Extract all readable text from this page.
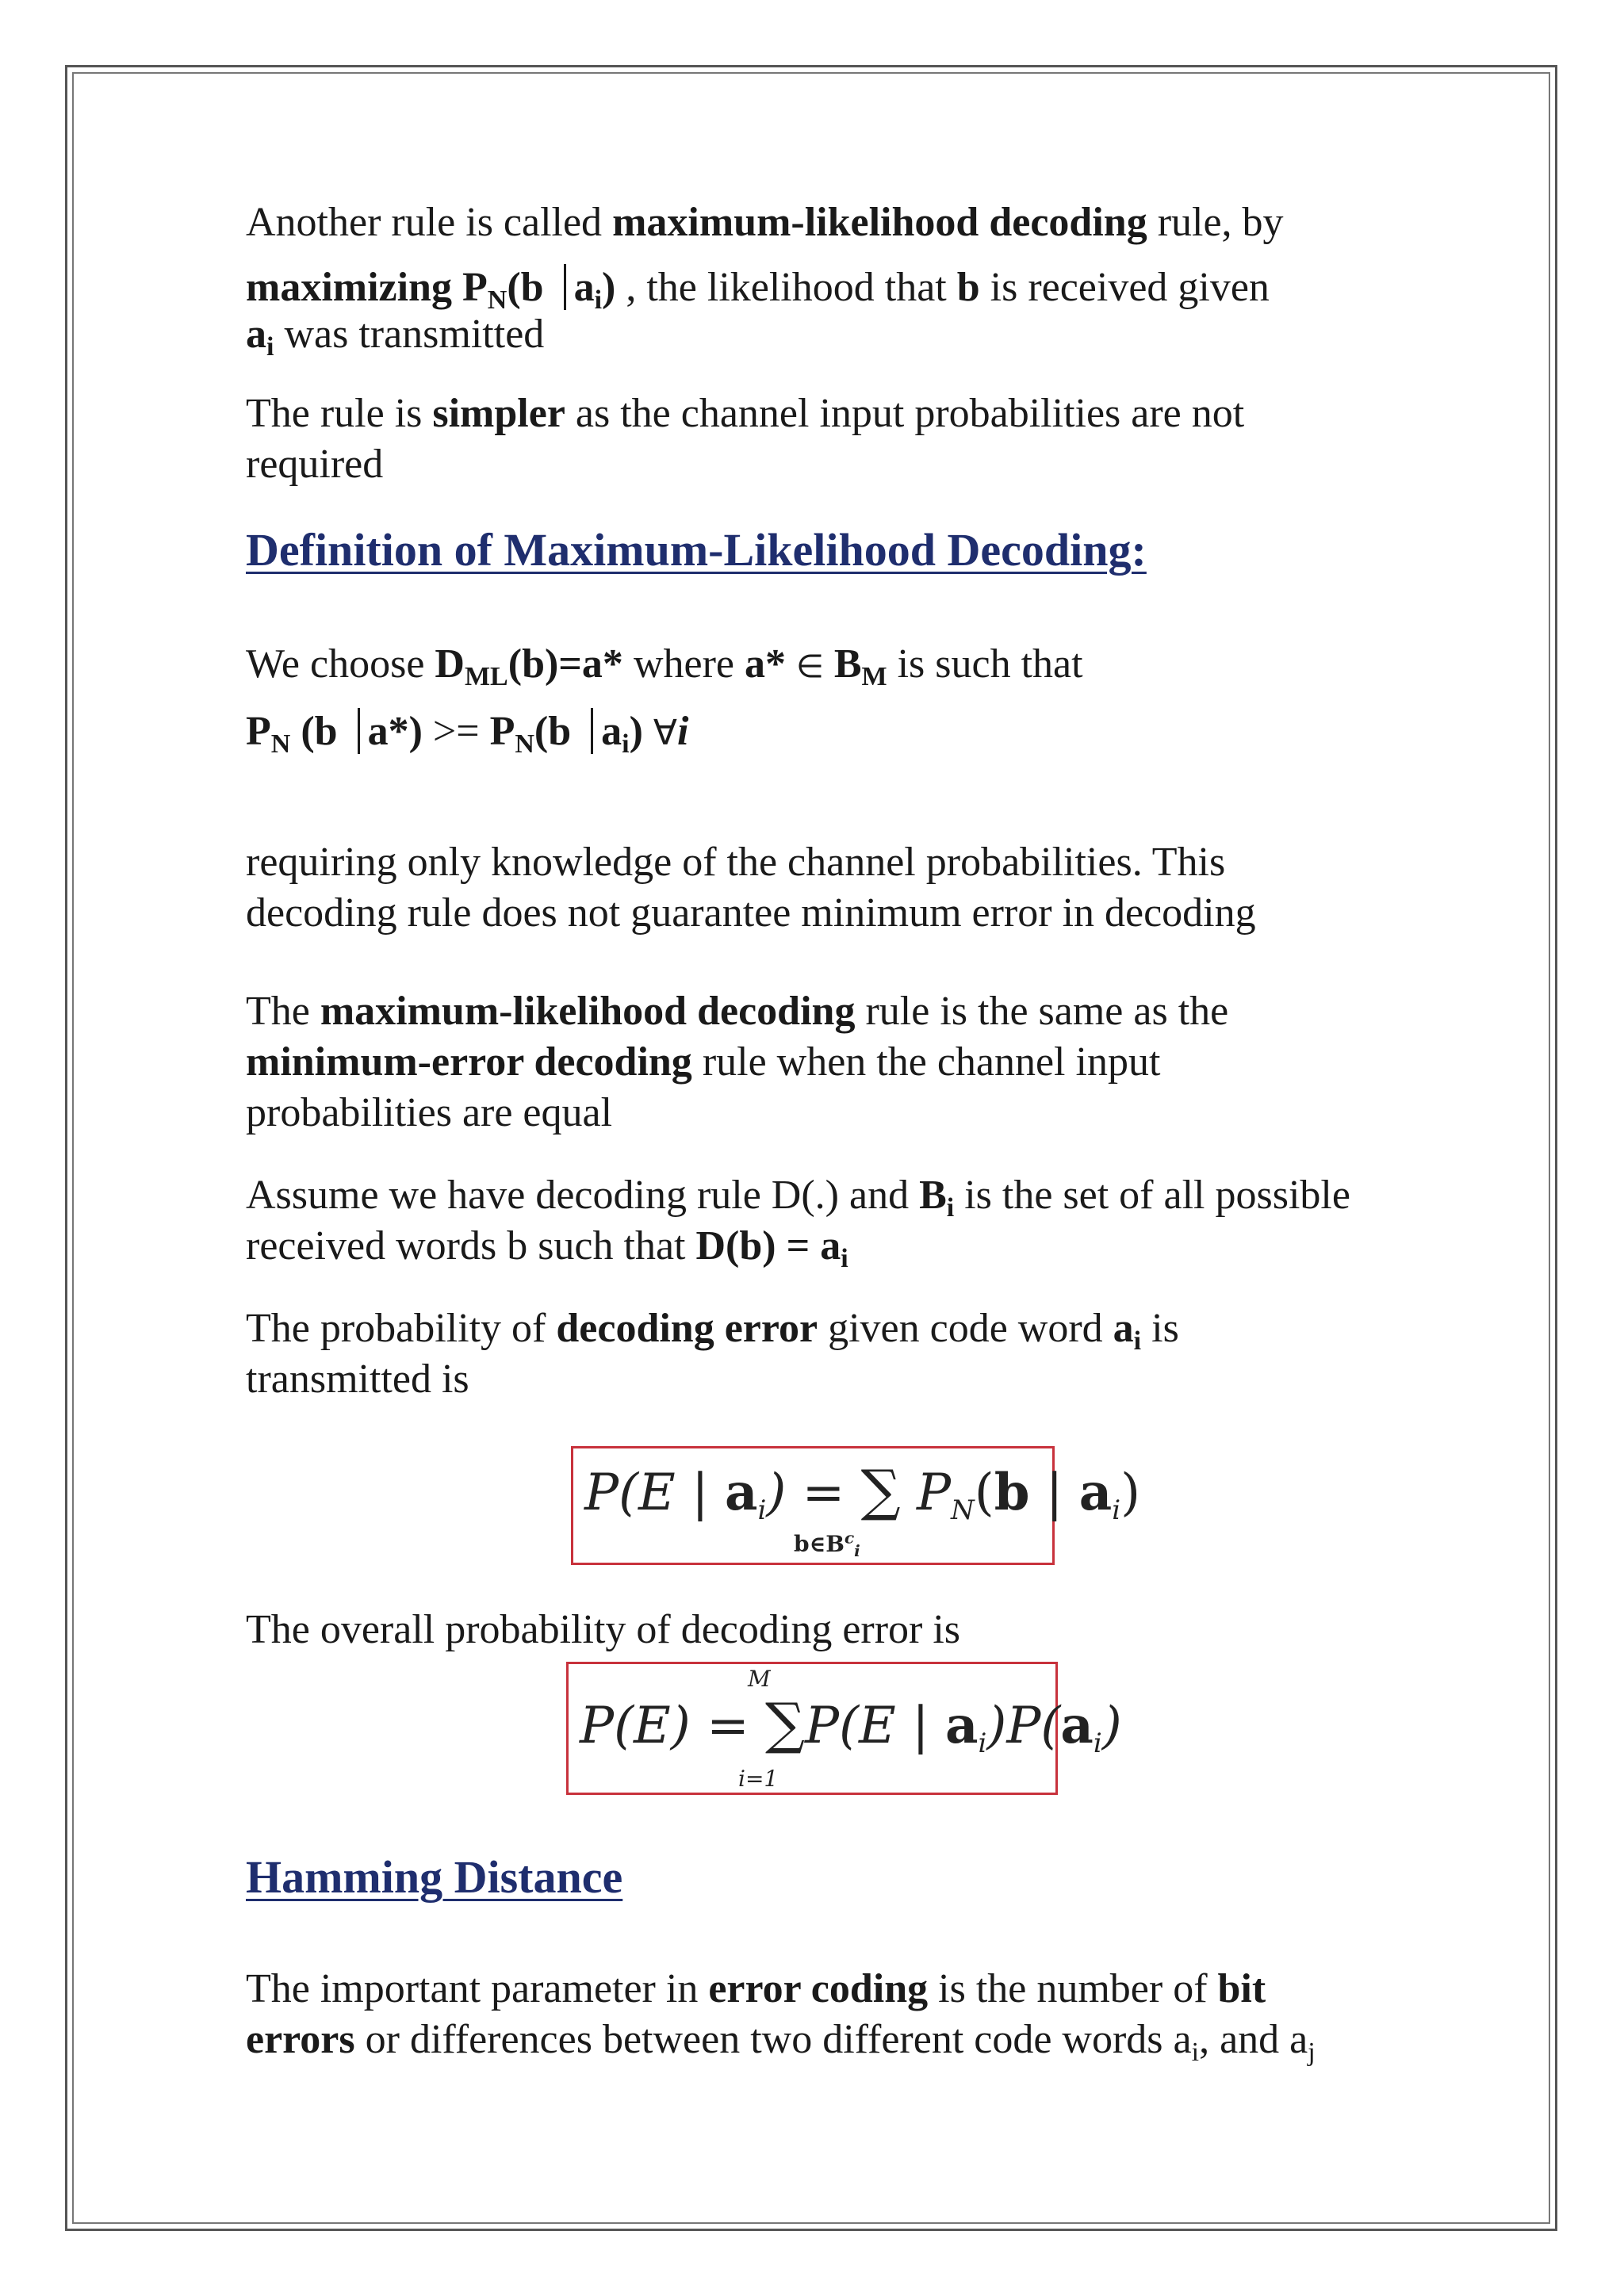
Another rule is called maximum-likelihood decoding rule, by
maximizing $P_N(b$ $a_i$) , the likelihood that b is received given

$a_i$ was transmitted

The rule is simpler as the channel input probabilities are not required

Definition of Maximum-Likelihood Decoding:

We choose $D_{ML}(b)=a*$ where a* ∈ $B_M$ is such that

$P_N$ (b $a*) >= P_N(b$ $a_i$) ∀i

requiring only knowledge of the channel probabilities. This decoding rule does not guarantee minimum error in decoding

The maximum-likelihood decoding rule is the same as the
minimum-error decoding rule when the channel input probabilities are equal

Assume we have decoding rule D(.) and $B_i$ is the set of all possible received words b such that $D(b) = a_i$

The probability of decoding error given code word $a_i$ is transmitted is

P(E | ai) = ∑ PN(b | ai)
$b\in B^c_i$

The overall probability of decoding error is

M
P(E) = ∑P(E | ai)P(ai)
i=1
Hamming Distance

The important parameter in error coding is the number of bit errors or differences between two different code words $a_i$, and $a_j$
